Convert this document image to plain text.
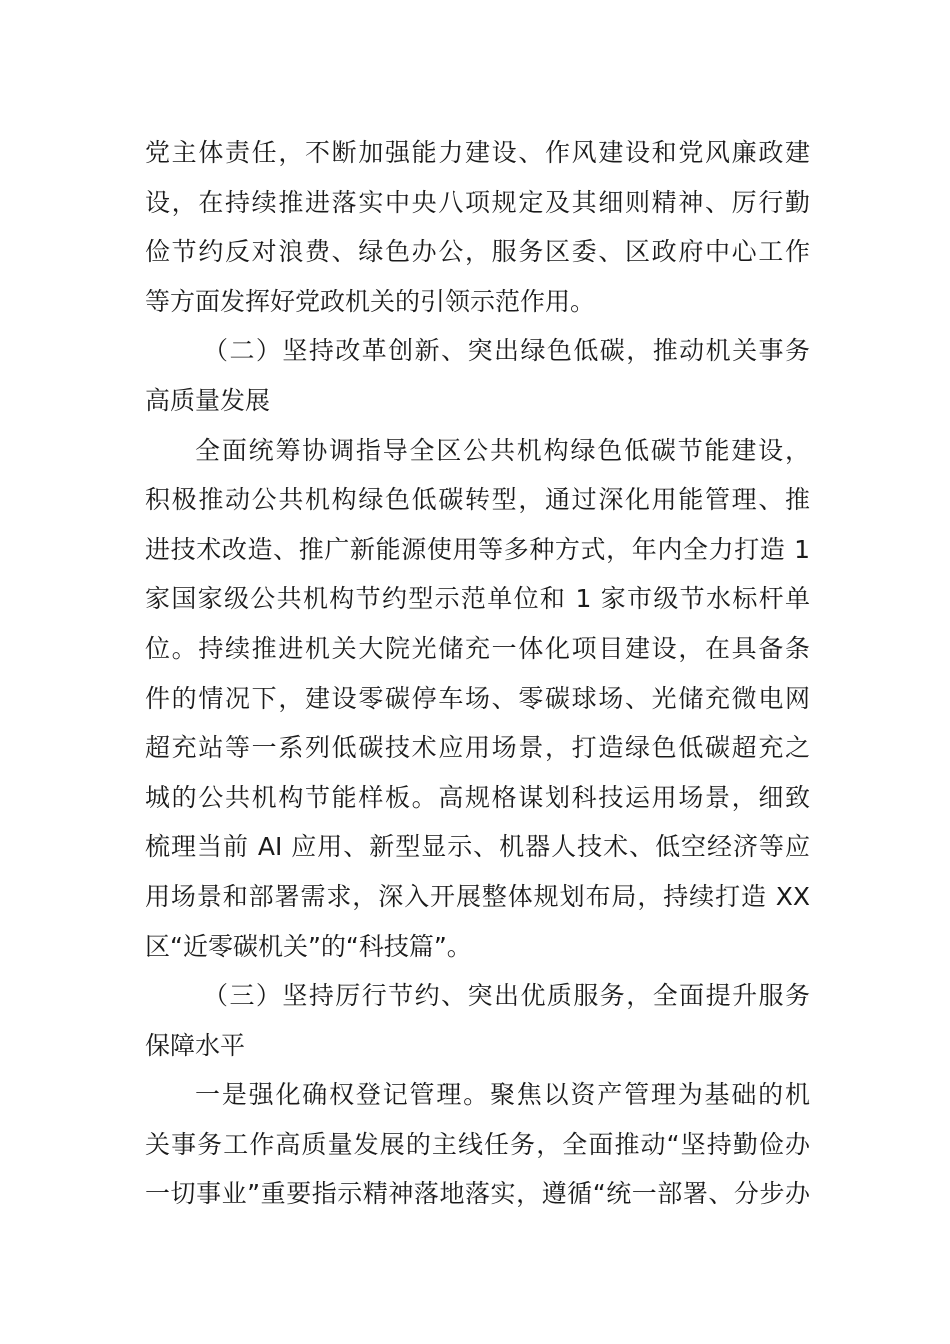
党主体责任，不断加强能力建设、作风建设和党风廉政建
设，在持续推进落实中央八项规定及其细则精神、厉行勤
俭节约反对浪费、绿色办公，服务区委、区政府中心工作
等方面发挥好党政机关的引领示范作用。
（二）坚持改革创新、突出绿色低碳，推动机关事务
高质量发展
全面统筹协调指导全区公共机构绿色低碳节能建设，
积极推动公共机构绿色低碳转型，通过深化用能管理、推
进技术改造、推广新能源使用等多种方式，年内全力打造 1
家国家级公共机构节约型示范单位和 1 家市级节水标杆单
位。持续推进机关大院光储充一体化项目建设，在具备条
件的情况下，建设零碳停车场、零碳球场、光储充微电网
超充站等一系列低碳技术应用场景，打造绿色低碳超充之
城的公共机构节能样板。高规格谋划科技运用场景，细致
梳理当前 AI 应用、新型显示、机器人技术、低空经济等应
用场景和部署需求，深入开展整体规划布局，持续打造 XX
区“近零碳机关”的“科技篇”。
（三）坚持厉行节约、突出优质服务，全面提升服务
保障水平
一是强化确权登记管理。聚焦以资产管理为基础的机
关事务工作高质量发展的主线任务，全面推动“坚持勤俭办
一切事业”重要指示精神落地落实，遵循“统一部署、分步办
